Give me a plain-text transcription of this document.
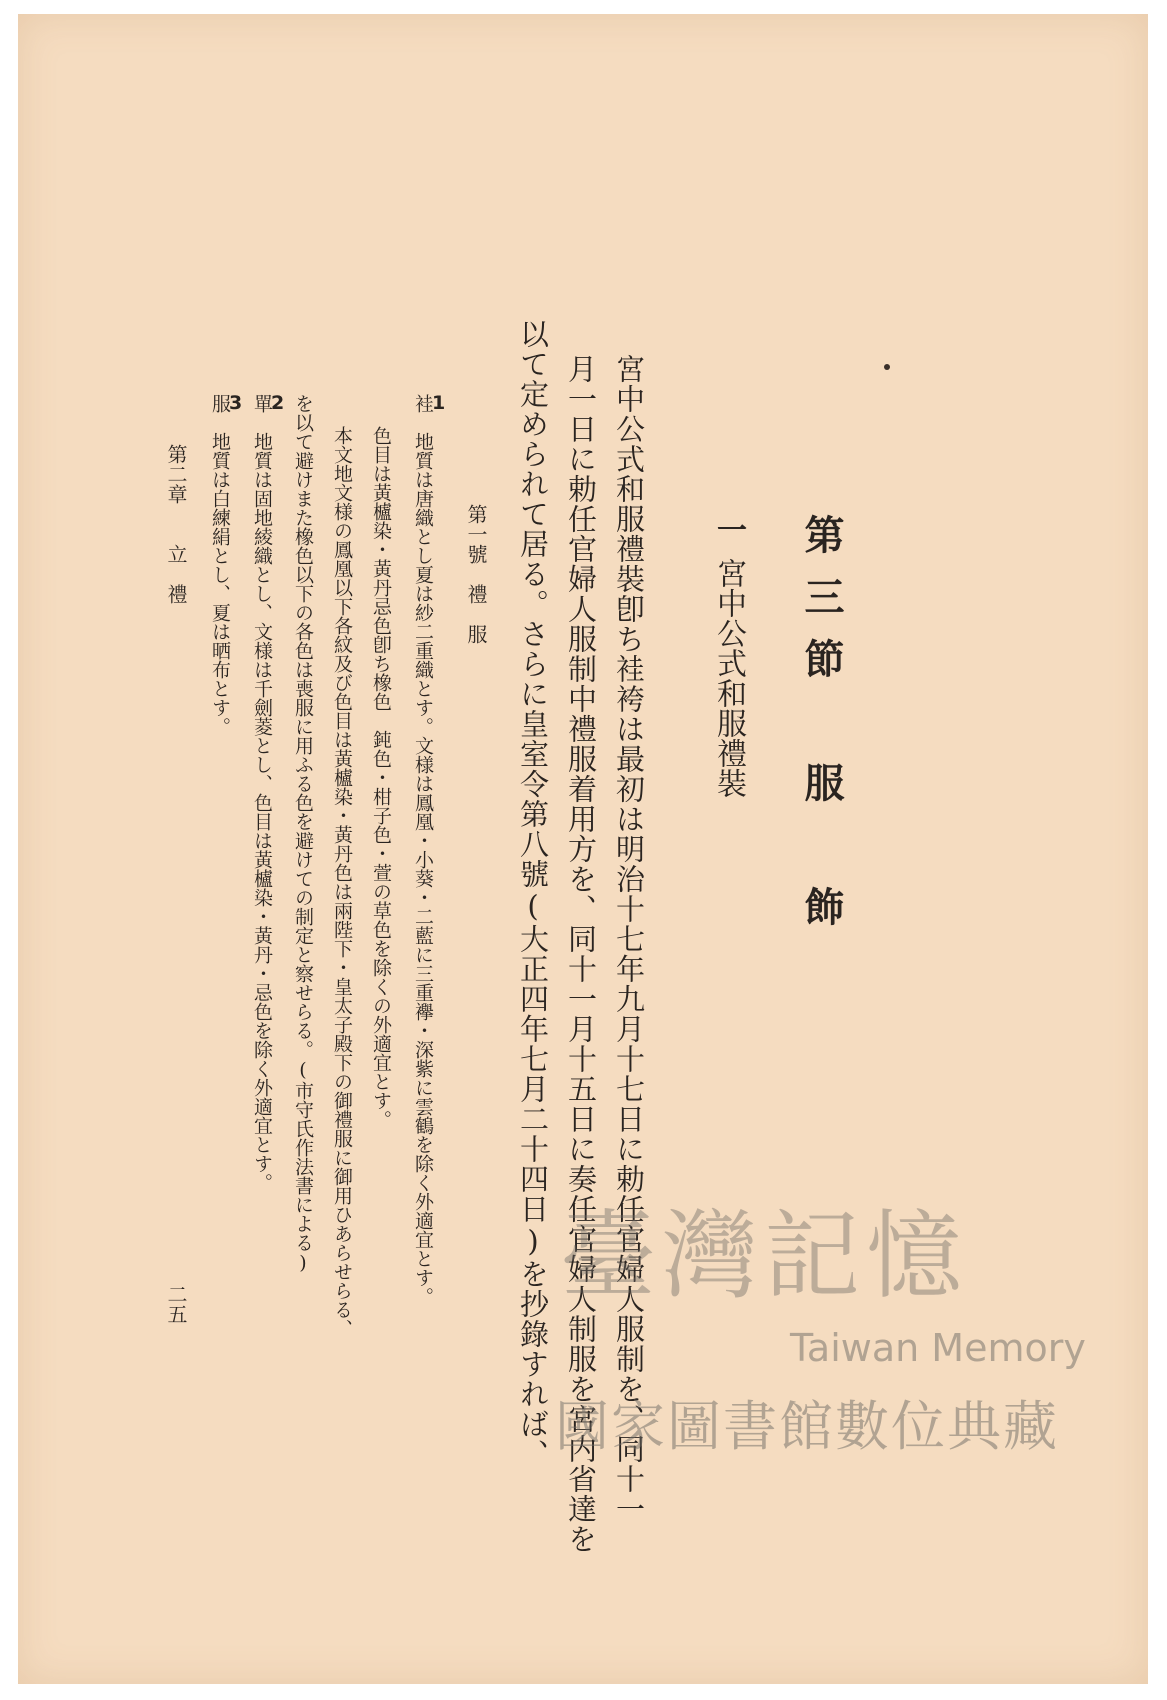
第三節　服　飾
一宮中公式和服禮裝
宮中公式和服禮裝卽ち袿袴は最初は明治十七年九月十七日に勅任官婦人服制を、同十一
月一日に勅任官婦人服制中禮服着用方を、同十一月十五日に奏任官婦人制服を宮内省達を
以て定められて居る。さらに皇室令第八號(大正四年七月二十四日)を抄錄すれば、
第一號　禮　服
1
袿　地質は唐織とし夏は紗二重織とす。文様は鳳凰・小葵・二藍に三重襷・深紫に雲鶴を除く外適宜とす。
色目は黃櫨染・黃丹忌色卽ち橡色　鈍色・柑子色・萱の草色を除くの外適宜とす。
本文地文様の鳳凰以下各紋及び色目は黃櫨染・黃丹色は兩陛下・皇太子殿下の御禮服に御用ひあらせらる、
を以て避けまた橡色以下の各色は喪服に用ふる色を避けての制定と察せらる。(市守氏作法書による)
2
單　地質は固地綾織とし、文様は千劍菱とし、色目は黃櫨染・黃丹・忌色を除く外適宜とす。
3
服　地質は白練絹とし、夏は晒布とす。
第二章　　立　禮
二五	臺灣記憶
Taiwan Memory
國家圖書館數位典藏
